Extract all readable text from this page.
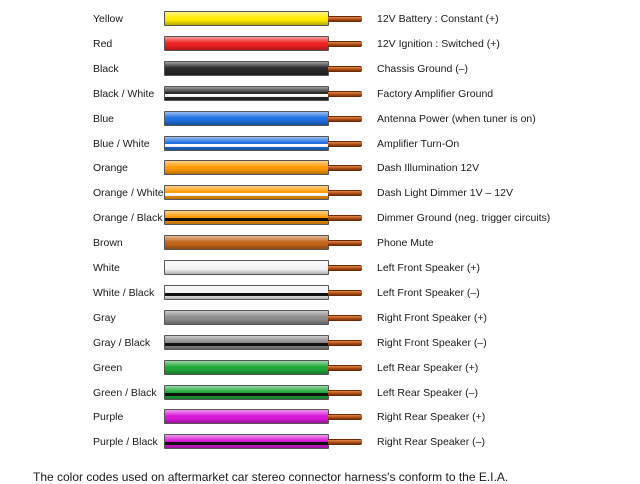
Yellow	12V Battery : Constant (+)
Red	12V Ignition : Switched (+)
Black	Chassis Ground (–)
Black / White	Factory Amplifier Ground
Blue	Antenna Power (when tuner is on)
Blue / White	Amplifier Turn-On
Orange	Dash Illumination 12V
Orange / White	Dash Light Dimmer 1V – 12V
Orange / Black	Dimmer Ground (neg. trigger circuits)
Brown	Phone Mute
White	Left Front Speaker (+)
White / Black	Left Front Speaker (–)
Gray	Right Front Speaker (+)
Gray / Black	Right Front Speaker (–)
Green	Left Rear Speaker (+)
Green / Black	Left Rear Speaker (–)
Purple	Right Rear Speaker (+)
Purple / Black	Right Rear Speaker (–)
The color codes used on aftermarket car stereo connector harness's conform to the E.I.A.
